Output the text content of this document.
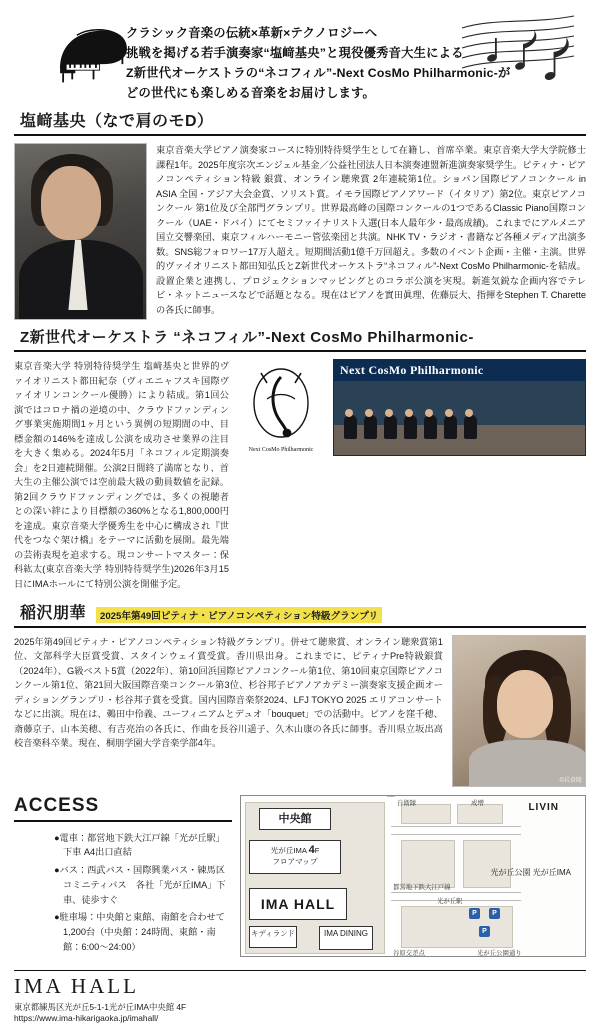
クラシック音楽の伝統×革新×テクノロジーへ
挑戦を掲げる若手演奏家“塩﨑基央”と現役優秀音大生による
Z新世代オーケストラの“ネコフィル”-Next CosMo Philharmonic-が
どの世代にも楽しめる音楽をお届けします。
塩﨑基央（なで肩のモD）
東京音楽大学ピアノ演奏家コースに特別特待奨学生として在籍し、首席卒業。東京音楽大学大学院修士課程1年。2025年度宗次エンジェル基金／公益社団法人日本演奏連盟新進演奏家奨学生。ピティナ・ピアノコンペティション特級 銀賞、オンライン聴衆賞 2年連続第1位。ショパン国際ピアノコンクール in ASIA 全国・アジア大会金賞、ソリスト賞。イモラ国際ピアノアワード（イタリア）第2位。東京ピアノコンクール 第1位及び全部門グランプリ。世界最高峰の国際コンクールの1つであるClassic Piano国際コンクール（UAE・ドバイ）にてセミファイナリスト入選(日本人最年少・最高成績)。これまでにアルメニア国立交響楽団、東京フィルハーモニー管弦楽団と共演。NHK TV・ラジオ・書籍など各種メディア出演多数。SNS総フォロワー17万人超え。短期間活動1億千万回超え。多数のイベント企画・主催・主演。世界的ヴァイオリニスト都田知弘氏とZ新世代オーケストラ“ネコフィル”-Next CosMo Philharmonic-を結成。設置企業と連携し、プロジェクションマッピングとのコラボ公演を実現。新進気鋭な企画内容でテレビ・ネットニュースなどで話題となる。現在はピアノを實田眞理、佐藤辰大、指揮をStephen T. Charetteの各氏に師事。
Z新世代オーケストラ “ネコフィル”-Next CosMo Philharmonic-
東京音楽大学 特別特待奨学生 塩﨑基央と世界的ヴァイオリニスト都田紀奈（ヴィエニャフスキ国際ヴァイオリンコンクール優勝）により結成。第1回公演ではコロナ禍の逆境の中、クラウドファンディング事業実施期間1ヶ月という異例の短期間の中、目標金額の146%を達成し公演を成功させ業界の注目を大きく集める。2024年5月「ネコフィル定期演奏会」を2日連続開催。公演2日間終了満席となり、首大生の主催公演では空前最大級の動員数値を記録。第2回クラウドファンディングでは、多くの視聴者との深い絆により目標額の360%となる1,800,000円を達成。東京音楽大学優秀生を中心に構成され『世代をつなぐ架け橋』をテーマに活動を展開。最先端の芸術表現を追求する。現コンサートマスター：保科紘太(東京音楽大学 特別特待奨学生)2026年3月15日にIMAホールにて特別公演を開催予定。
Next CosMo Philharmonic
Next CosMo Philharmonic
稲沢朋華	2025年第49回ピティナ・ピアノコンペティション特級グランプリ
2025年第49回ピティナ・ピアノコンペティション特級グランプリ。併せて聴衆賞、オンライン聴衆賞第1位、文部科学大臣賞受賞、スタインウェイ賞受賞。香川県出身。これまでに、ピティナPre特級銀賞（2024年）、G級ベスト5賞（2022年）、第10回浜国際ピアノコンクール第1位、第10回東京国際ピアノコンクール第1位、第21回大阪国際音楽コンクール第3位、杉谷邦子ピアノアカデミー演奏家支援企画オーディショングランプリ・杉谷邦子賞を受賞。国内国際音楽祭2024、LFJ TOKYO 2025 エリアコンサートなどに出演。現在は、鵜田中伶義、ユーフィニアムとデュオ「bouquet」での活動中。ピアノを窪千穂、斎藤京子、山本美穂、有吉亮治の各氏に、作曲を長谷川遥子、久木山康の各氏に師事。香川県立坂出高校音楽科卒業。現在、桐朋学園大学音楽学部4年。
©岩倉隆
ACCESS
●電車：都営地下鉄大江戸線「光が丘駅」下車 A4出口直結
●バス：西武バス・国際興業バス・練馬区コミニティバス　各社「光が丘IMA」下車、徒歩すぐ
●駐車場：中央館と東館、南館を合わせて1,200台（中央館：24時間、東館・南館：6:00〜24:00）
中央館
光が丘IMA 4F
フロアマップ
IMA HALL
IMA DINING
キディランド
LIVIN
光が丘公園 光が丘IMA
P	P
P
自衛隊	成増
都営地下鉄大江戸線
谷原交差点	光が丘公園通り
光が丘駅
IMA HALL
東京都練馬区光が丘5-1-1光が丘IMA中央館 4F
https://www.ima-hikarigaoka.jp/imahall/
